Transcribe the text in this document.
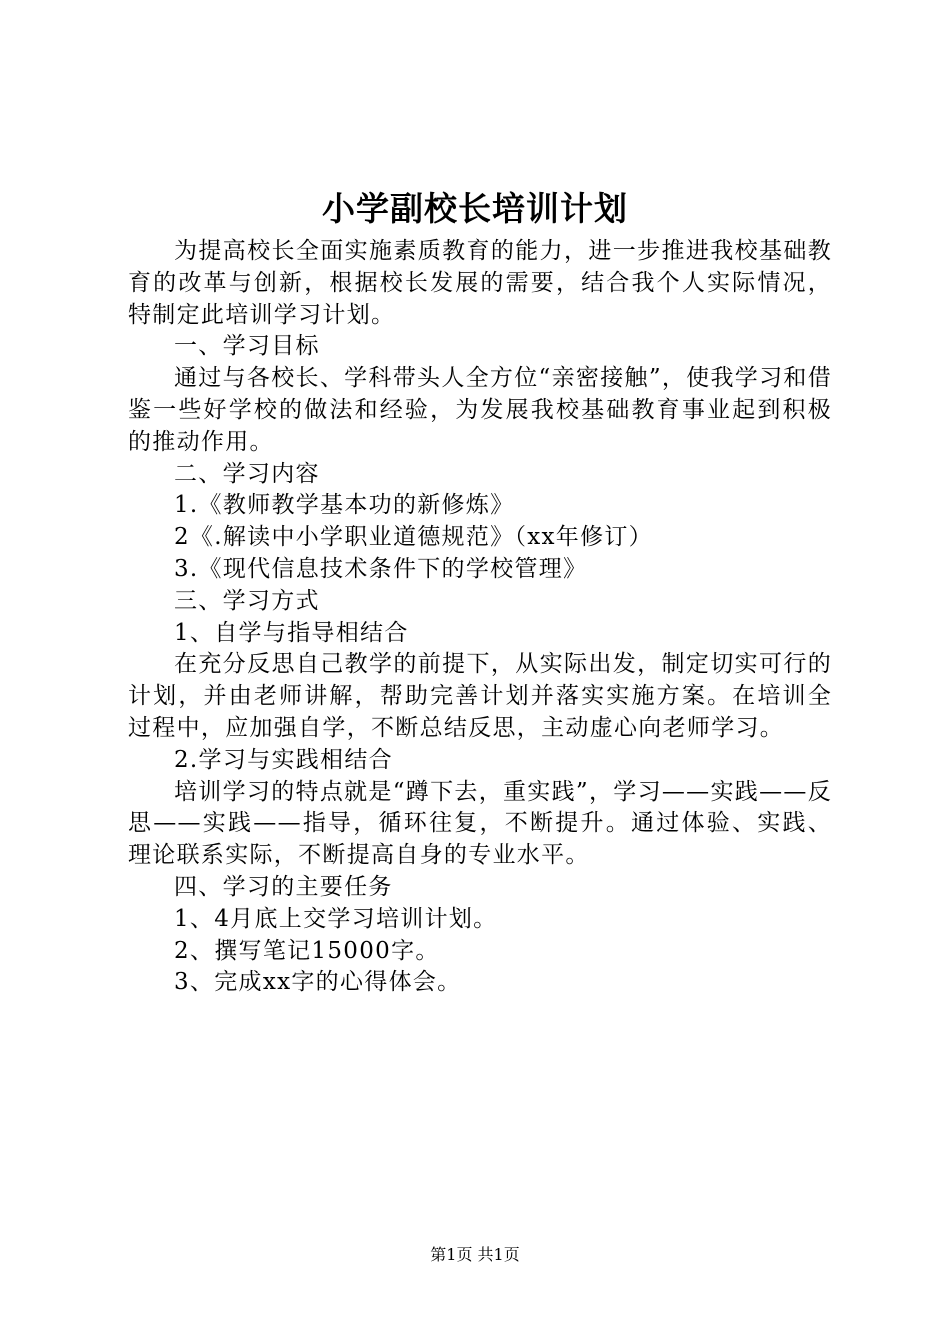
小学副校长培训计划

为提高校长全面实施素质教育的能力，进一步推进我校基础教育的改革与创新，根据校长发展的需要，结合我个人实际情况，特制定此培训学习计划。

一、学习目标

通过与各校长、学科带头人全方位“亲密接触”，使我学习和借鉴一些好学校的做法和经验，为发展我校基础教育事业起到积极的推动作用。

二、学习内容

1.《教师教学基本功的新修炼》

2《.解读中小学职业道德规范》（xx年修订）

3.《现代信息技术条件下的学校管理》

三、学习方式

1、自学与指导相结合

在充分反思自己教学的前提下，从实际出发，制定切实可行的计划，并由老师讲解，帮助完善计划并落实实施方案。在培训全过程中，应加强自学，不断总结反思，主动虚心向老师学习。

2.学习与实践相结合

培训学习的特点就是“蹲下去，重实践”，学习——实践——反思——实践——指导，循环往复，不断提升。通过体验、实践、理论联系实际，不断提高自身的专业水平。

四、学习的主要任务

1、4月底上交学习培训计划。

2、撰写笔记15000字。

3、完成xx字的心得体会。

第1页 共1页
